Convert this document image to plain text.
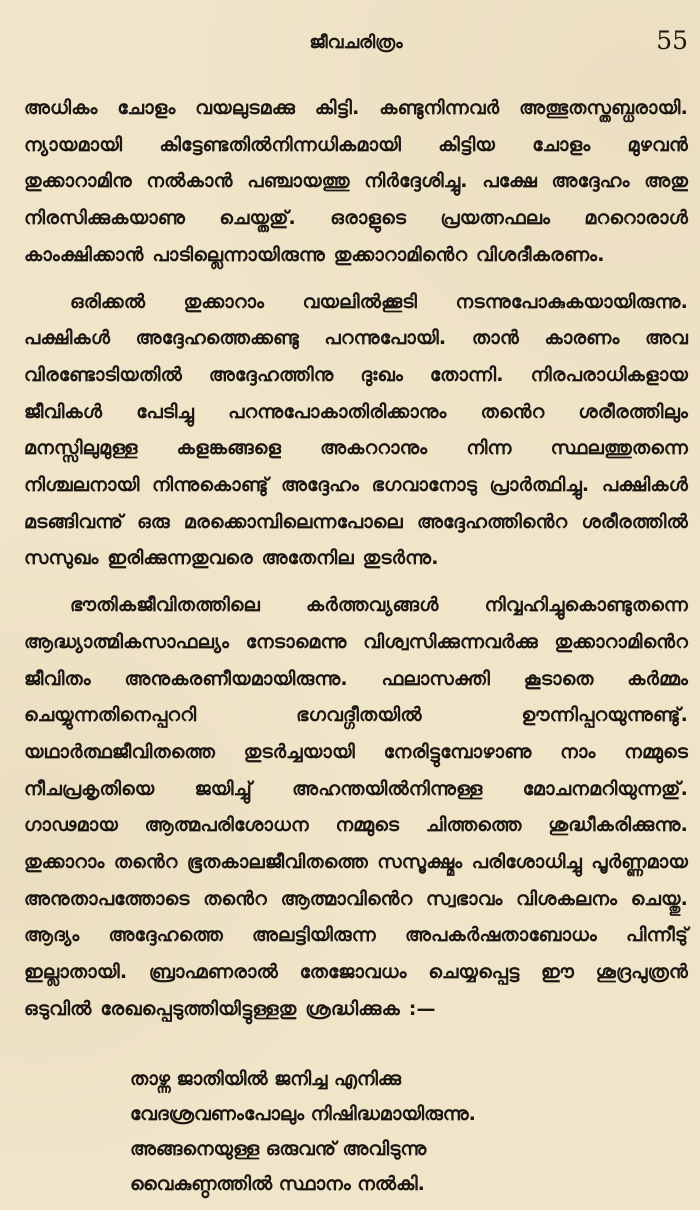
ജീവചരിത്രം	55

അധികം ചോളം വയലുടമക്കു കിട്ടി. കണ്ടുനിന്നവർ അത്ഭുതസ്തബ്ധരായി. ന്യായമായി കിട്ടേണ്ടതിൽനിന്നധികമായി കിട്ടിയ ചോളം മുഴവൻ തുക്കാറാമിനു നൽകാൻ പഞ്ചായത്തു നിർദ്ദേശിച്ചു. പക്ഷേ അദ്ദേഹം അതു നിരസിക്കുകയാണു ചെയ്തതു്. ഒരാളുടെ പ്രയത്നഫലം മററൊരാൾ കാംക്ഷിക്കാൻ പാടില്ലെന്നായിരുന്നു തുക്കാറാമിൻെറ വിശദീകരണം.

ഒരിക്കൽ തുക്കാറാം വയലിൽക്കൂടി നടന്നുപോകുകയായിരുന്നു. പക്ഷികൾ അദ്ദേഹത്തെക്കണ്ടു പറന്നുപോയി. താൻ കാരണം അവ വിരണ്ടോടിയതിൽ അദ്ദേഹത്തിനു ദുഃഖം തോന്നി. നിരപരാധികളായ ജീവികൾ പേടിച്ചു പറന്നുപോകാതിരിക്കാനും തൻെറ ശരീരത്തിലും മനസ്സിലുമുള്ള കളങ്കങ്ങളെ അകററാനും നിന്ന സ്ഥലത്തുതന്നെ നിശ്ചലനായി നിന്നുകൊണ്ടു് അദ്ദേഹം ഭഗവാനോടു പ്രാർത്ഥിച്ചു. പക്ഷികൾ മടങ്ങിവന്നു് ഒരു മരക്കൊമ്പിലെന്നപോലെ അദ്ദേഹത്തിൻെറ ശരീരത്തിൽ സസുഖം ഇരിക്കുന്നതുവരെ അതേനില തുടർന്നു.

ഭൗതികജീവിതത്തിലെ കർത്തവ്യങ്ങൾ നിവ്വഹിച്ചുകൊണ്ടുതന്നെ ആദ്ധ്യാത്മികസാഫല്യം നേടാമെന്നു വിശ്വസിക്കുന്നവർക്കു തുക്കാറാമിൻെറ ജീവിതം അനുകരണീയമായിരുന്നു. ഫലാസക്തി കൂടാതെ കർമ്മം ചെയ്യുന്നതിനെപ്പററി ഭഗവദ്ഗീതയിൽ ഊന്നിപ്പറയുന്നുണ്ടു്. യഥാർത്ഥജീവിതത്തെ തുടർച്ചയായി നേരിട്ടുമ്പോഴാണു നാം നമ്മുടെ നീചപ്രകൃതിയെ ജയിച്ചു് അഹന്തയിൽനിന്നുള്ള മോചനമറിയുന്നതു്. ഗാഢമായ ആത്മപരിശോധന നമ്മുടെ ചിത്തത്തെ ശുദ്ധീകരിക്കുന്നു. തുക്കാറാം തൻെറ ഭൂതകാലജീവിതത്തെ സസൂക്ഷ്മം പരിശോധിച്ചു പൂർണ്ണമായ അനുതാപത്തോടെ തൻെറ ആത്മാവിൻെറ സ്വഭാവം വിശകലനം ചെയ്തു. ആദ്യം അദ്ദേഹത്തെ അലട്ടിയിരുന്ന അപകർഷതാബോധം പിന്നീടു് ഇല്ലാതായി. ബ്രാഹ്മണരാൽ തേജോവധം ചെയ്യപ്പെട്ട ഈ ശൂദ്രപുത്രൻ ഒടുവിൽ രേഖപ്പെടുത്തിയിട്ടുള്ളതു ശ്രദ്ധിക്കുക :—

താഴ്ന്ന ജാതിയിൽ ജനിച്ച എനിക്കു
വേദശ്രവണംപോലും നിഷിദ്ധമായിരുന്നു.
അങ്ങനെയുള്ള ഒരുവനു് അവിടുന്നു
വൈകുണ്ഠത്തിൽ സ്ഥാനം നൽകി.
